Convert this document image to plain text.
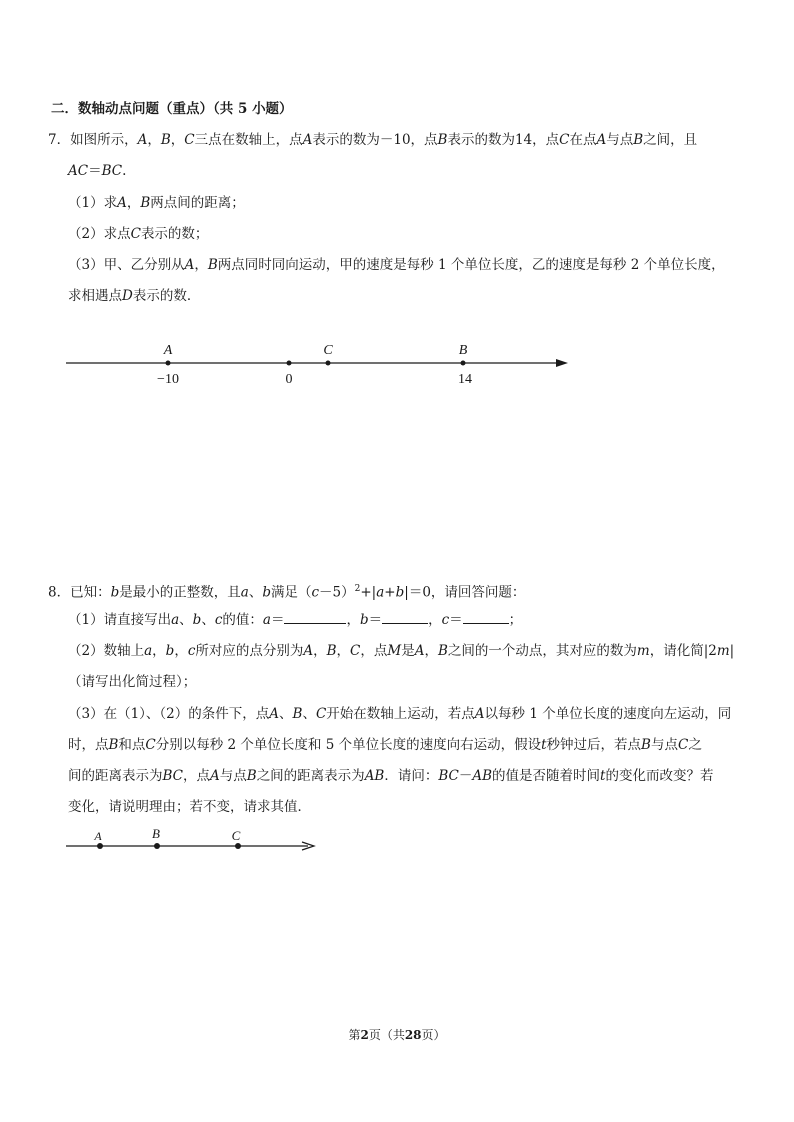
二．数轴动点问题（重点）（共 5 小题）
7．如图所示，A，B，C三点在数轴上，点A表示的数为－10，点B表示的数为14，点C在点A与点B之间，且
AC＝BC.
（1）求A，B两点间的距离；
（2）求点C表示的数；
（3）甲、乙分别从A，B两点同时同向运动，甲的速度是每秒 1 个单位长度，乙的速度是每秒 2 个单位长度，
求相遇点D表示的数．
A	C	B
−10	0	14
A	B	C
8．已知：b是最小的正整数，且a、b满足$(c-5)^2+|a+b|=0$，请回答问题：
（1）请直接写出a、b、c的值：a＝	，b＝	，c＝	；
（2）数轴上a，b，c所对应的点分别为A，B，C，点M是A，B之间的一个动点，其对应的数为m，请化简|2m|
（请写出化简过程）；
（3）在（1）、（2）的条件下，点A、B、C开始在数轴上运动，若点A以每秒 1 个单位长度的速度向左运动，同
时，点B和点C分别以每秒 2 个单位长度和 5 个单位长度的速度向右运动，假设t秒钟过后，若点B与点C之
间的距离表示为BC，点A与点B之间的距离表示为AB．请问：BC－AB的值是否随着时间t的变化而改变？若
变化，请说明理由；若不变，请求其值．
第2页（共28页）
